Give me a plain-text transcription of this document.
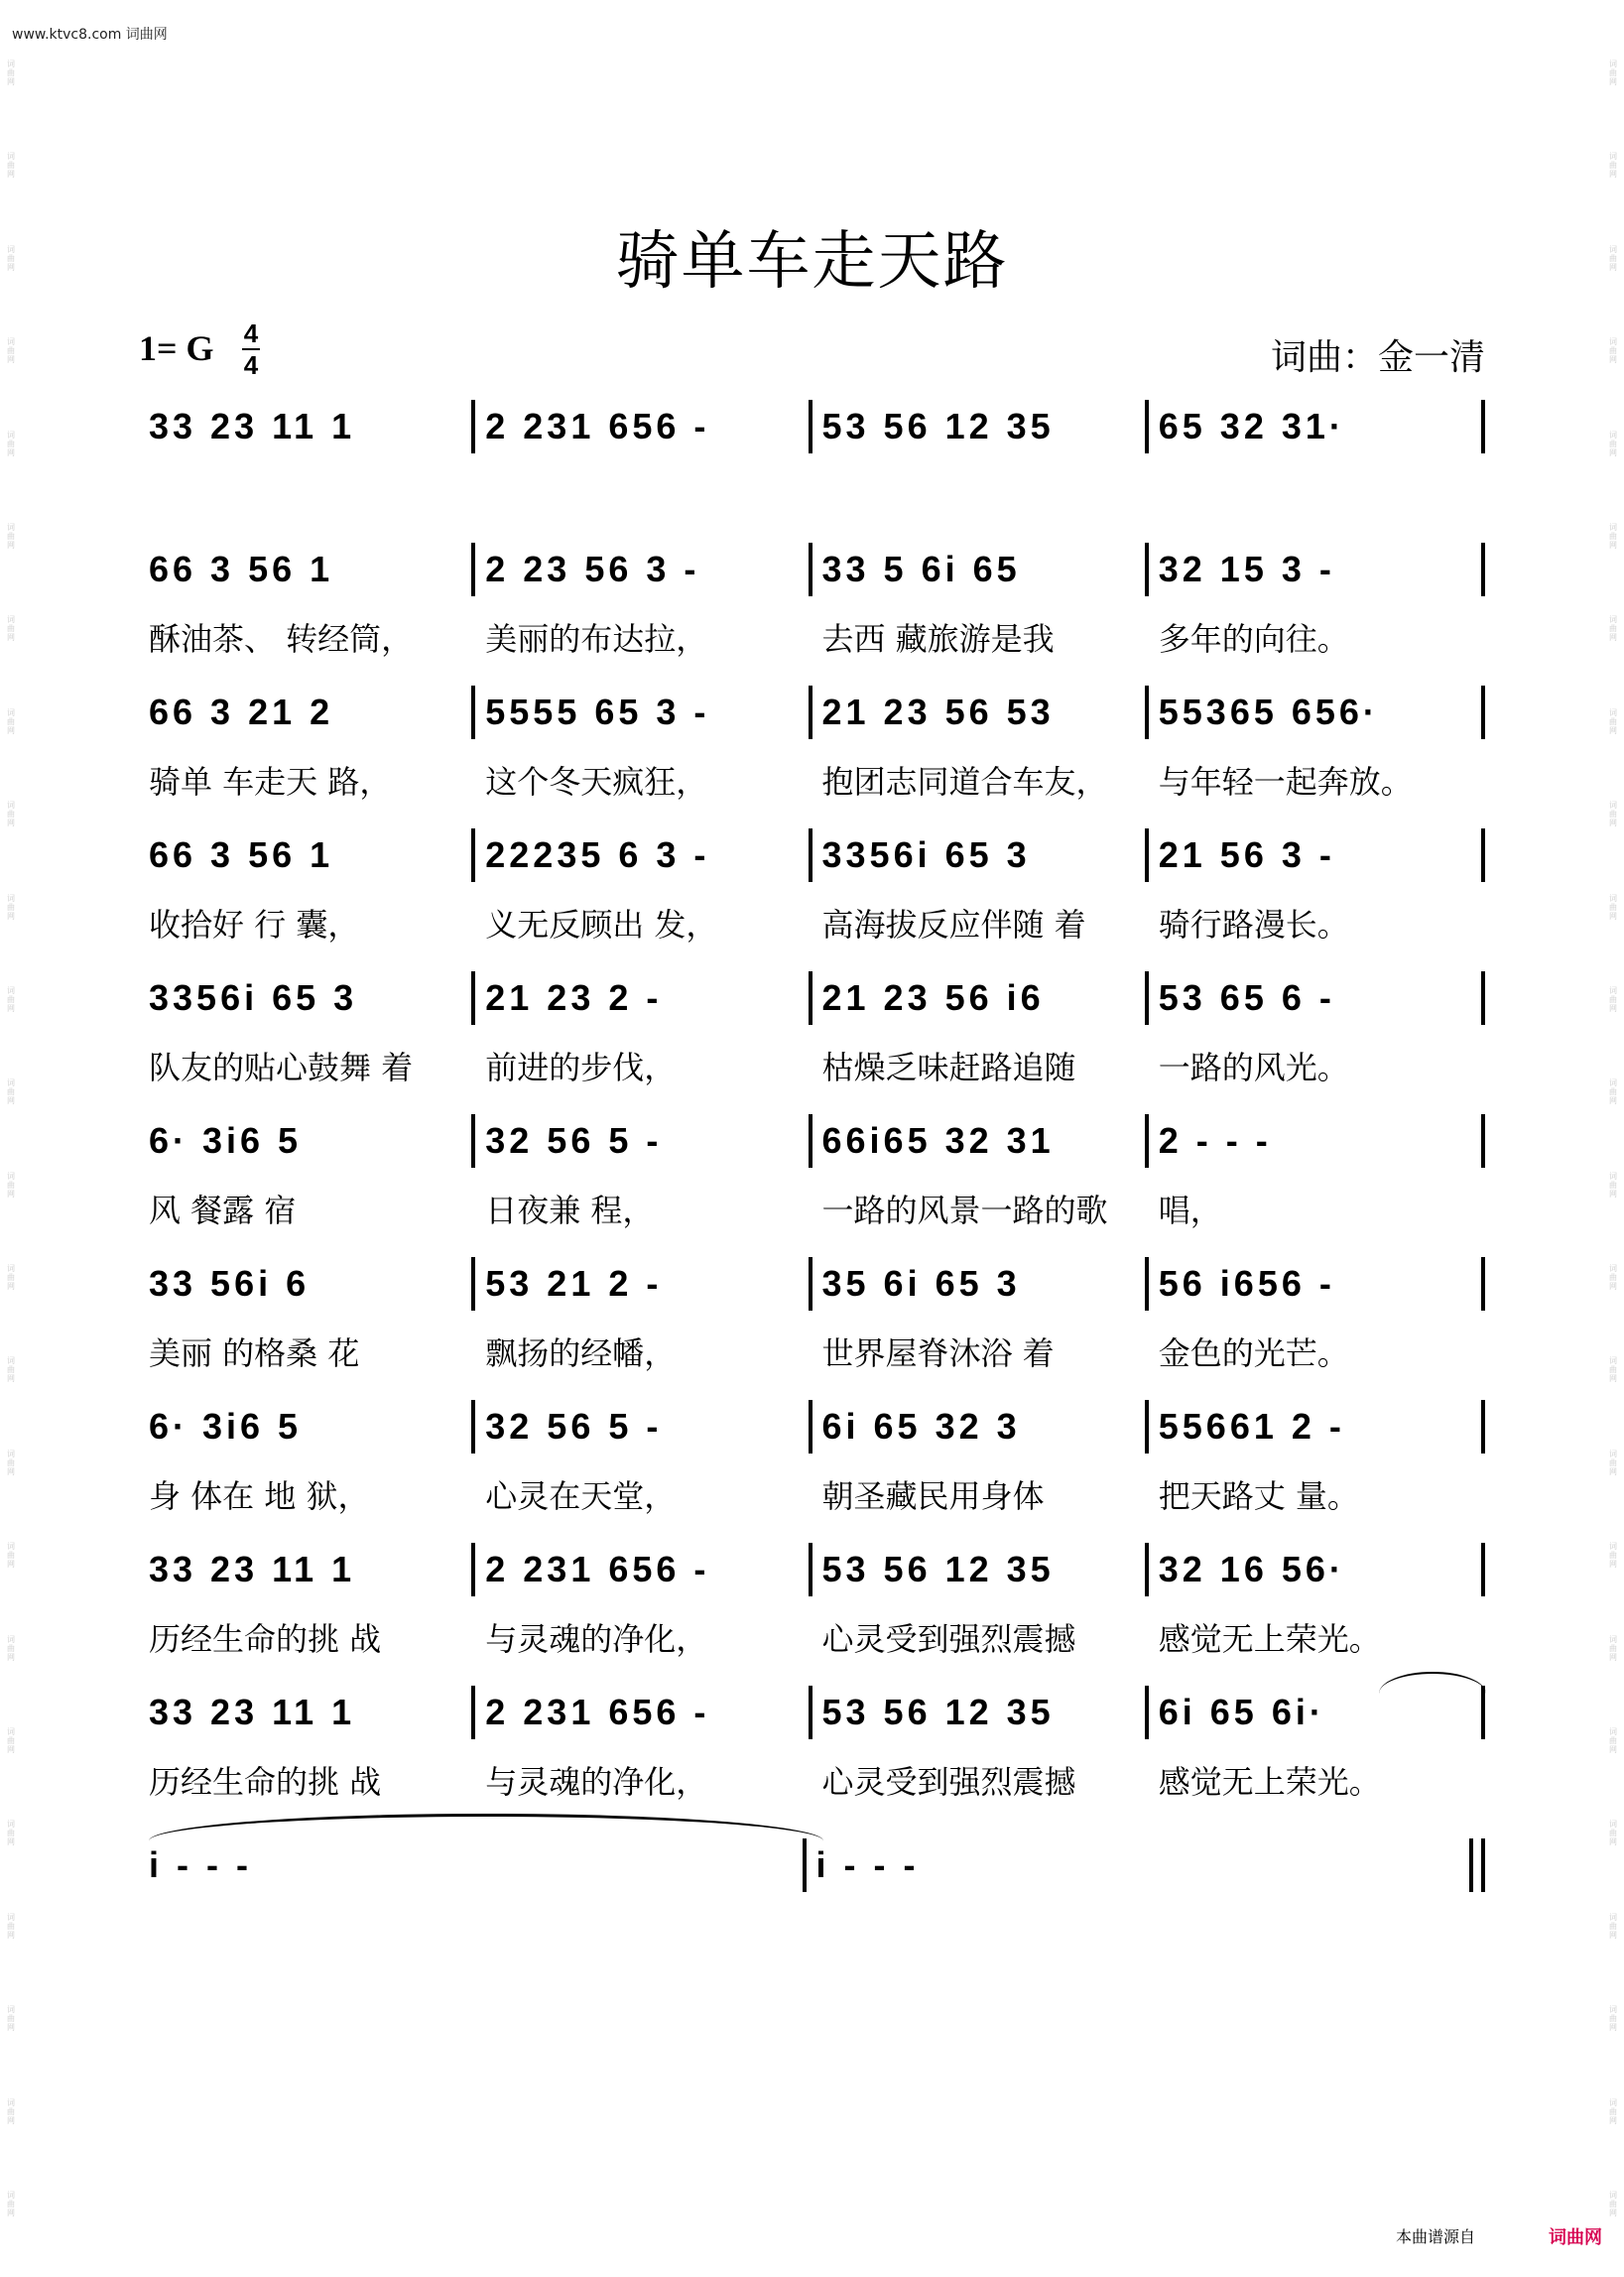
www.ktvc8.com 词曲网
词曲网
词曲网
词曲网
词曲网
词曲网
词曲网
词曲网
词曲网
词曲网
词曲网
词曲网
词曲网
词曲网
词曲网
词曲网
词曲网
词曲网
词曲网
词曲网
词曲网
词曲网
词曲网
词曲网
词曲网
词曲网
词曲网
词曲网
词曲网
词曲网
词曲网
词曲网
词曲网
词曲网
词曲网
词曲网
词曲网
词曲网
词曲网
词曲网
词曲网
词曲网
词曲网
词曲网
词曲网
词曲网
词曲网
词曲网
词曲网
骑单车走天路
1= G 4
4	词曲：金一清
33 23 11 1	2 231 656 -	53 56 12 35	65 32 31·
66 3 56 1	2 23 56 3 -	33 5 6i 65	32 15 3 -
酥油茶、 转经筒，	美丽的布达拉，	去西 藏旅游是我	多年的向往。
66 3 21 2	5555 65 3 -	21 23 56 53	55365 656·
骑单 车走天 路，	这个冬天疯狂，	抱团志同道合车友，	与年轻一起奔放。
66 3 56 1	22235 6 3 -	3356i 65 3	21 56 3 -
收拾好 行 囊，	义无反顾出 发，	高海拔反应伴随 着	骑行路漫长。
3356i 65 3	21 23 2 -	21 23 56 i6	53 65 6 -
队友的贴心鼓舞 着	前进的步伐，	枯燥乏味赶路追随	一路的风光。
6· 3i6 5	32 56 5 -	66i65 32 31	2 - - -
风 餐露 宿	日夜兼 程，	一路的风景一路的歌	唱，
33 56i 6	53 21 2 -	35 6i 65 3	56 i656 -
美丽 的格桑 花	飘扬的经幡，	世界屋脊沐浴 着	金色的光芒。
6· 3i6 5	32 56 5 -	6i 65 32 3	55661 2 -
身 体在 地 狱，	心灵在天堂，	朝圣藏民用身体	把天路丈 量。
33 23 11 1	2 231 656 -	53 56 12 35	32 16 56·
历经生命的挑 战	与灵魂的净化，	心灵受到强烈震撼	感觉无上荣光。
33 23 11 1	2 231 656 -	53 56 12 35	6i 65 6i·
历经生命的挑 战	与灵魂的净化，	心灵受到强烈震撼	感觉无上荣光。
i - - -	i - - -
本曲谱源自	词曲网
